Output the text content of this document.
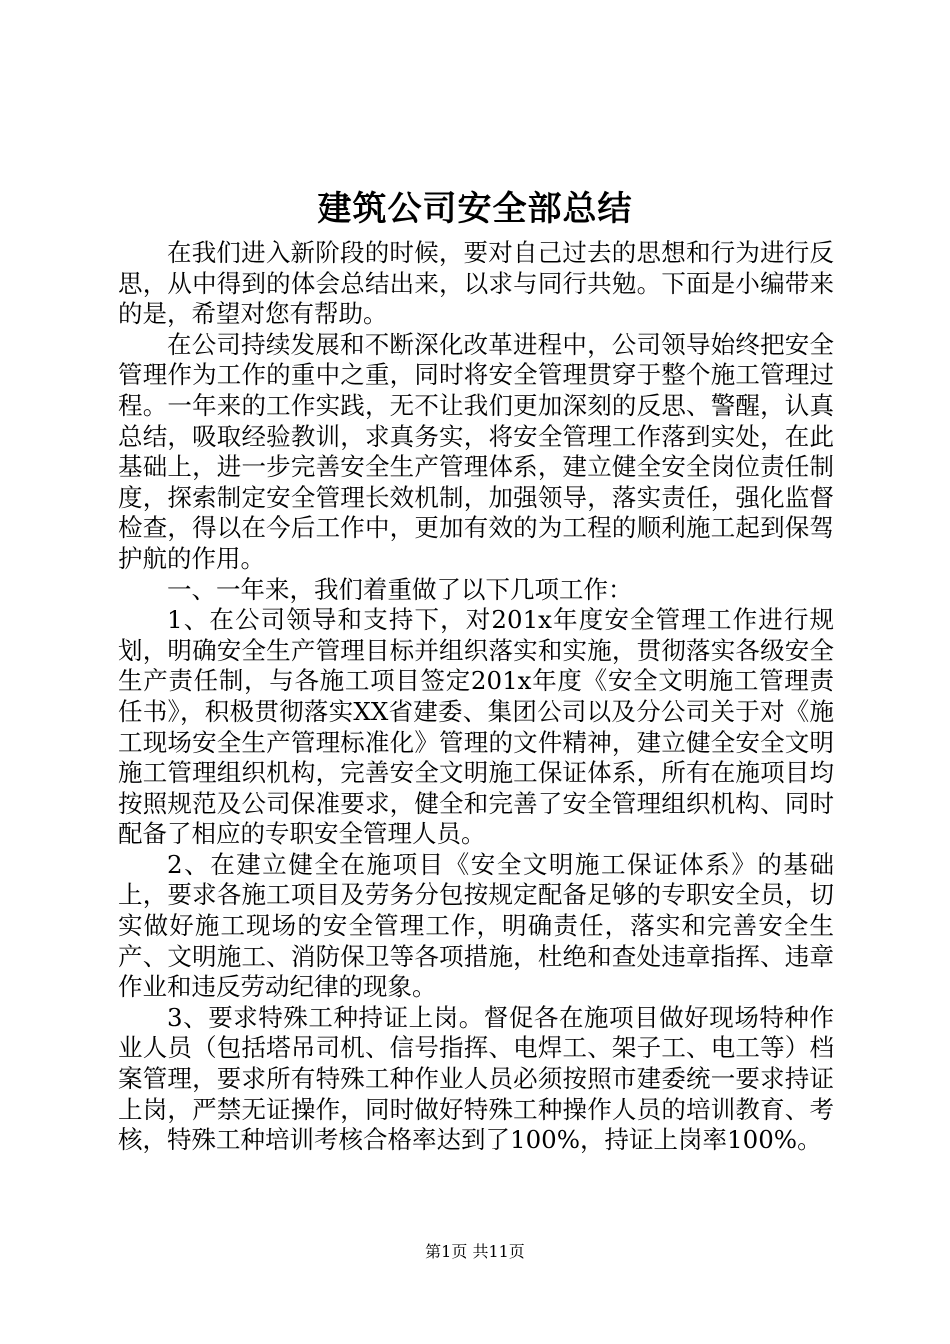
建筑公司安全部总结

在我们进入新阶段的时候，要对自己过去的思想和行为进行反思，从中得到的体会总结出来，以求与同行共勉。下面是小编带来的是，希望对您有帮助。

在公司持续发展和不断深化改革进程中，公司领导始终把安全管理作为工作的重中之重，同时将安全管理贯穿于整个施工管理过程。一年来的工作实践，无不让我们更加深刻的反思、警醒，认真总结，吸取经验教训，求真务实，将安全管理工作落到实处，在此基础上，进一步完善安全生产管理体系，建立健全安全岗位责任制度，探索制定安全管理长效机制，加强领导，落实责任，强化监督检查，得以在今后工作中，更加有效的为工程的顺利施工起到保驾护航的作用。

一、一年来，我们着重做了以下几项工作：

1、在公司领导和支持下，对201x年度安全管理工作进行规划，明确安全生产管理目标并组织落实和实施，贯彻落实各级安全生产责任制，与各施工项目签定201x年度《安全文明施工管理责任书》，积极贯彻落实XX省建委、集团公司以及分公司关于对《施工现场安全生产管理标准化》管理的文件精神，建立健全安全文明施工管理组织机构，完善安全文明施工保证体系，所有在施项目均按照规范及公司保准要求，健全和完善了安全管理组织机构、同时配备了相应的专职安全管理人员。

2、在建立健全在施项目《安全文明施工保证体系》的基础上，要求各施工项目及劳务分包按规定配备足够的专职安全员，切实做好施工现场的安全管理工作，明确责任，落实和完善安全生产、文明施工、消防保卫等各项措施，杜绝和查处违章指挥、违章作业和违反劳动纪律的现象。

3、要求特殊工种持证上岗。督促各在施项目做好现场特种作业人员（包括塔吊司机、信号指挥、电焊工、架子工、电工等）档案管理，要求所有特殊工种作业人员必须按照市建委统一要求持证上岗，严禁无证操作，同时做好特殊工种操作人员的培训教育、考核，特殊工种培训考核合格率达到了100%，持证上岗率100%。

第1页 共11页
